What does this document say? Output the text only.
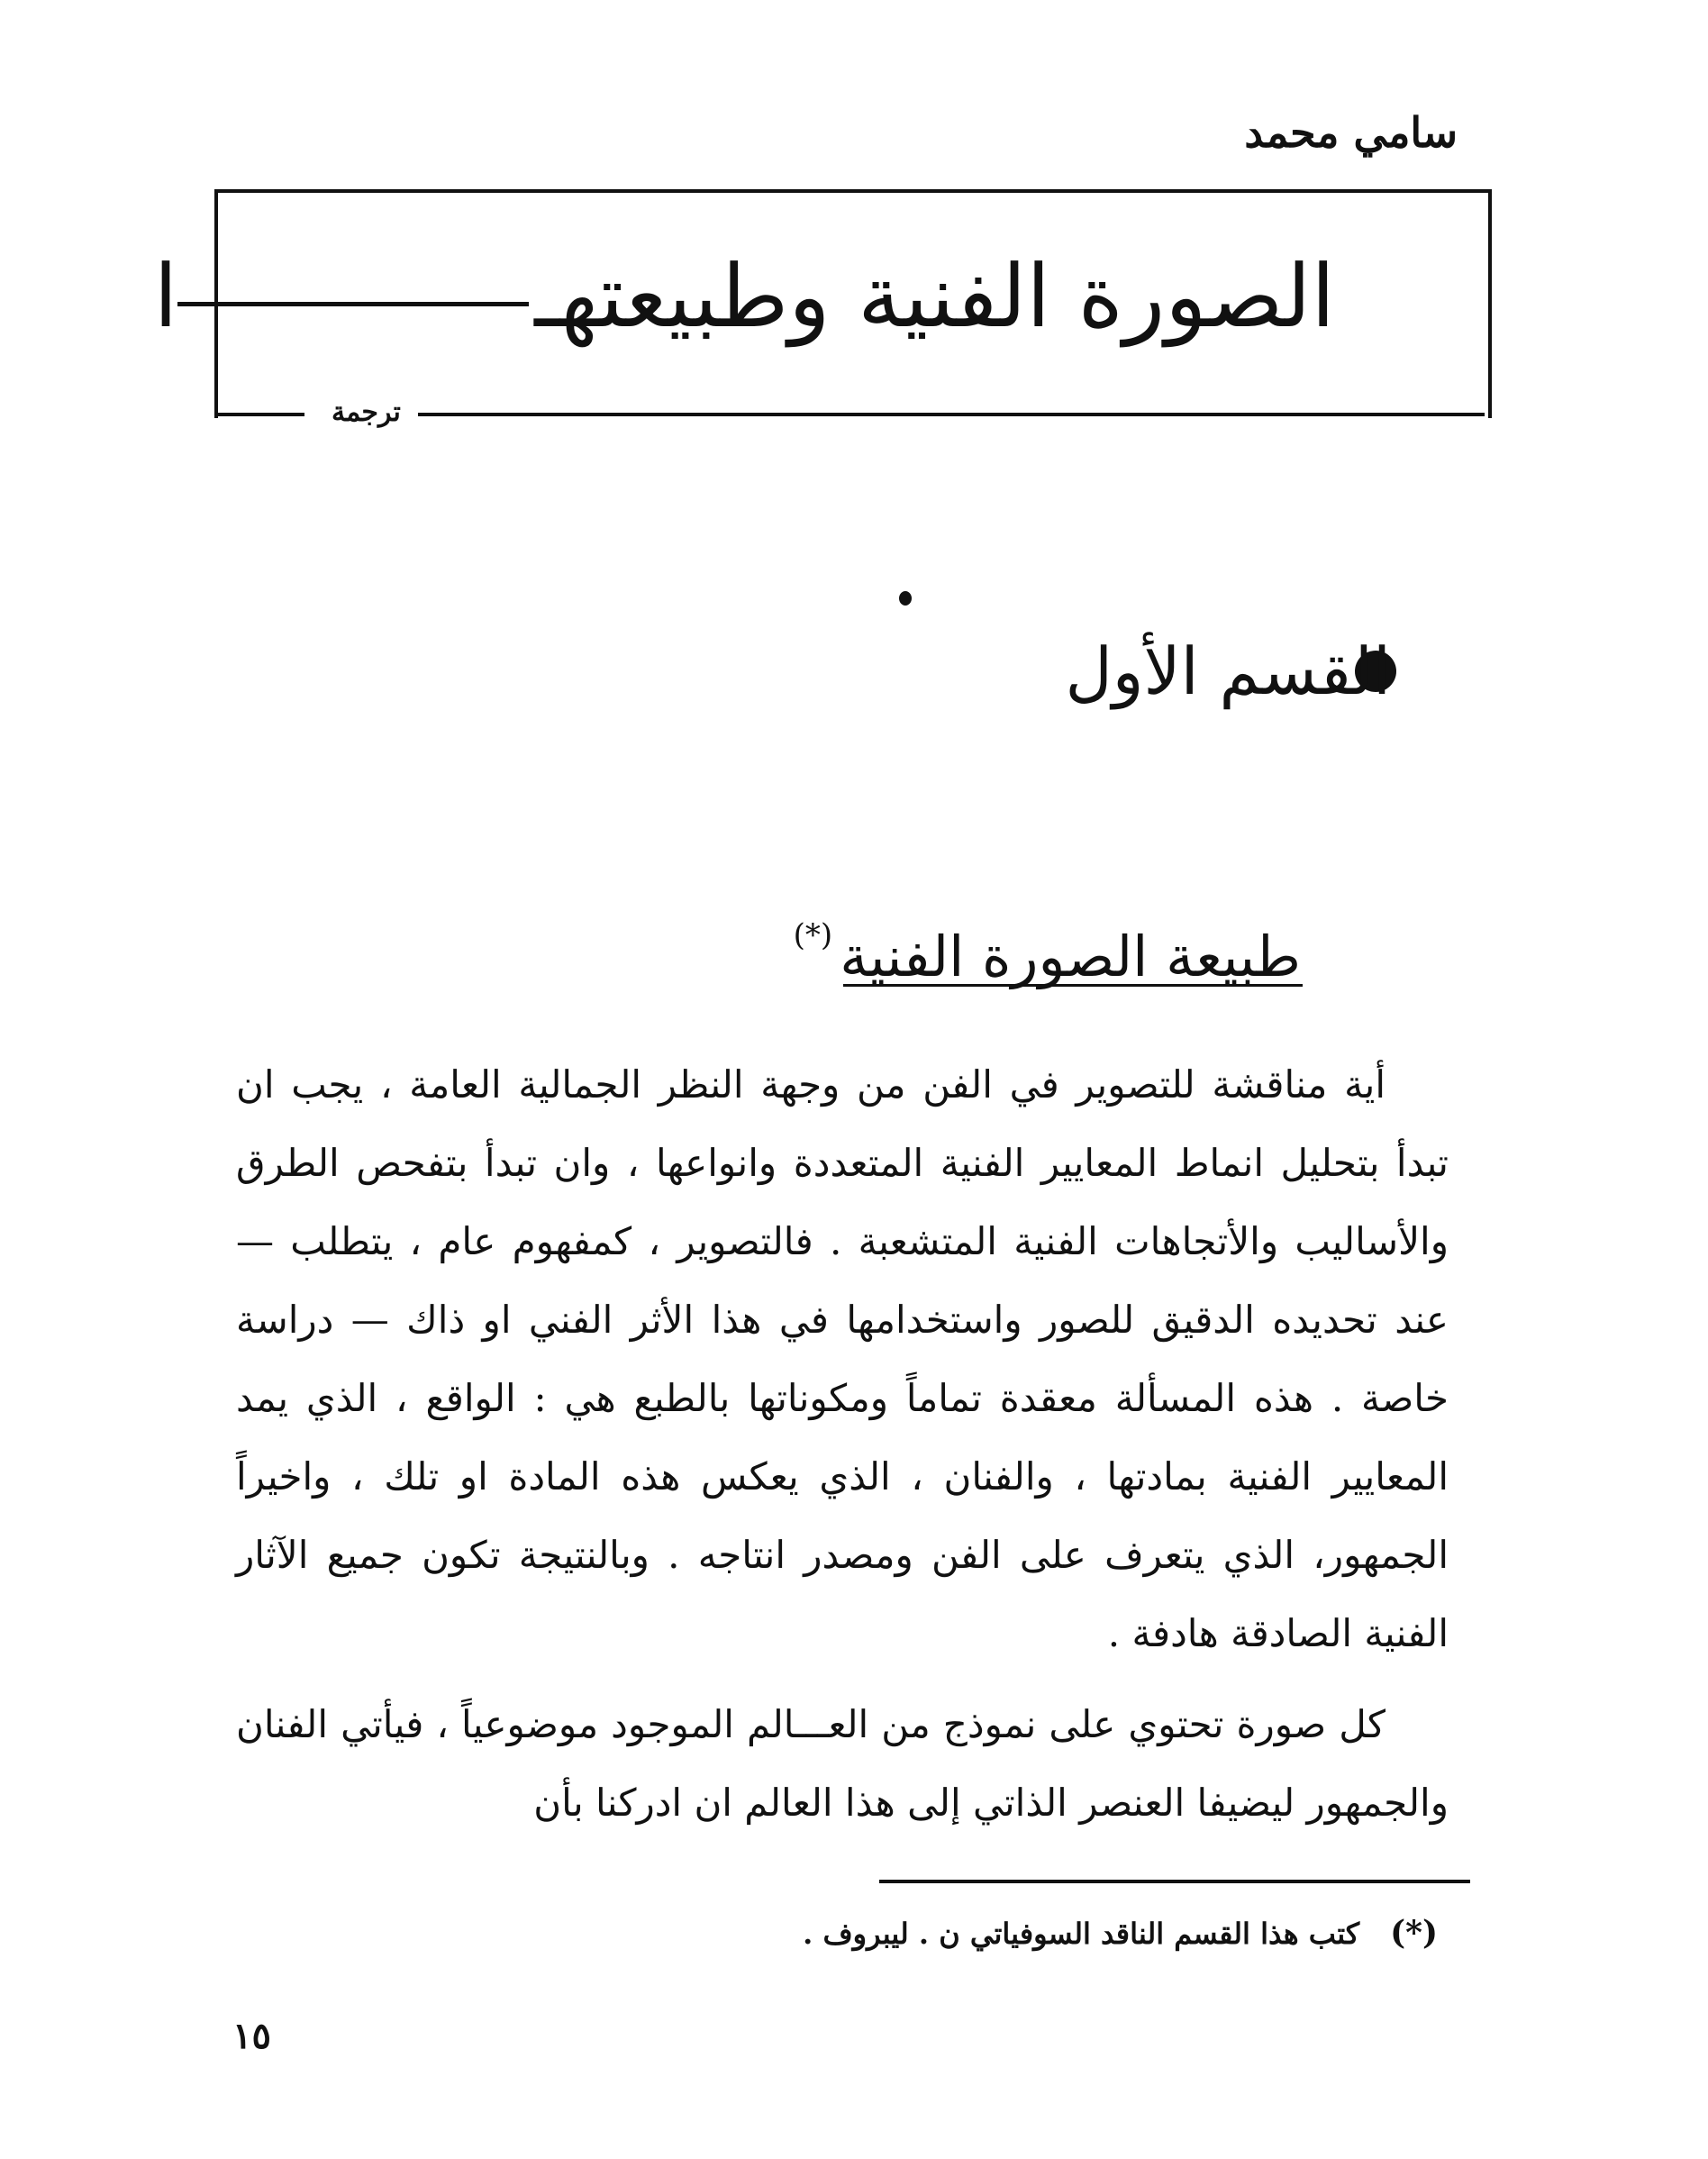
سامي محمد
الصورة الفنية وطبيعتهـا
ترجمة
القسم الأول
طبيعة الصورة الفنية(*)

أية مناقشة للتصوير في الفن من وجهة النظر الجمالية العامة ، يجب ان تبدأ بتحليل انماط المعايير الفنية المتعددة وانواعها ، وان تبدأ بتفحص الطرق والأساليب والأتجاهات الفنية المتشعبة . فالتصوير ، كمفهوم عام ، يتطلب — عند تحديده الدقيق للصور واستخدامها في هذا الأثر الفني او ذاك — دراسة خاصة . هذه المسألة معقدة تماماً ومكوناتها بالطبع هي : الواقع ، الذي يمد المعايير الفنية بمادتها ، والفنان ، الذي يعكس هذه المادة او تلك ، واخيراً الجمهور، الذي يتعرف على الفن ومصدر انتاجه . وبالنتيجة تكون جميع الآثار الفنية الصادقة هادفة .

كل صورة تحتوي على نموذج من العـــالم الموجود موضوعياً ، فيأتي الفنان والجمهور ليضيفا العنصر الذاتي إلى هذا العالم ان ادركنا بأن

(*)كتب هذا القسم الناقد السوفياتي ن . ليبروف .
١٥
